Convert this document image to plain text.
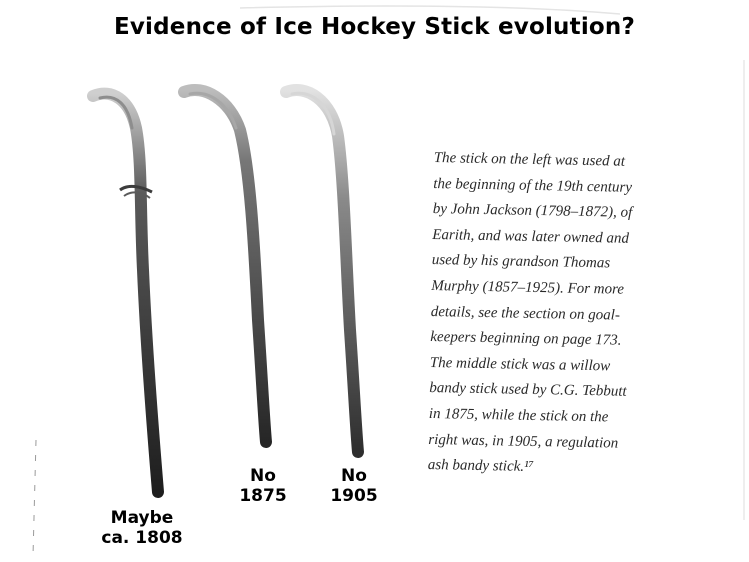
Evidence of Ice Hockey Stick evolution?
Maybe
ca. 1808
No
1875
No
1905
The stick on the left was used at
the beginning of the 19th century
by John Jackson (1798–1872), of
Earith, and was later owned and
used by his grandson Thomas
Murphy (1857–1925). For more
details, see the section on goal-
keepers beginning on page 173.
The middle stick was a willow
bandy stick used by C.G. Tebbutt
in 1875, while the stick on the
right was, in 1905, a regulation
ash bandy stick.¹⁷
